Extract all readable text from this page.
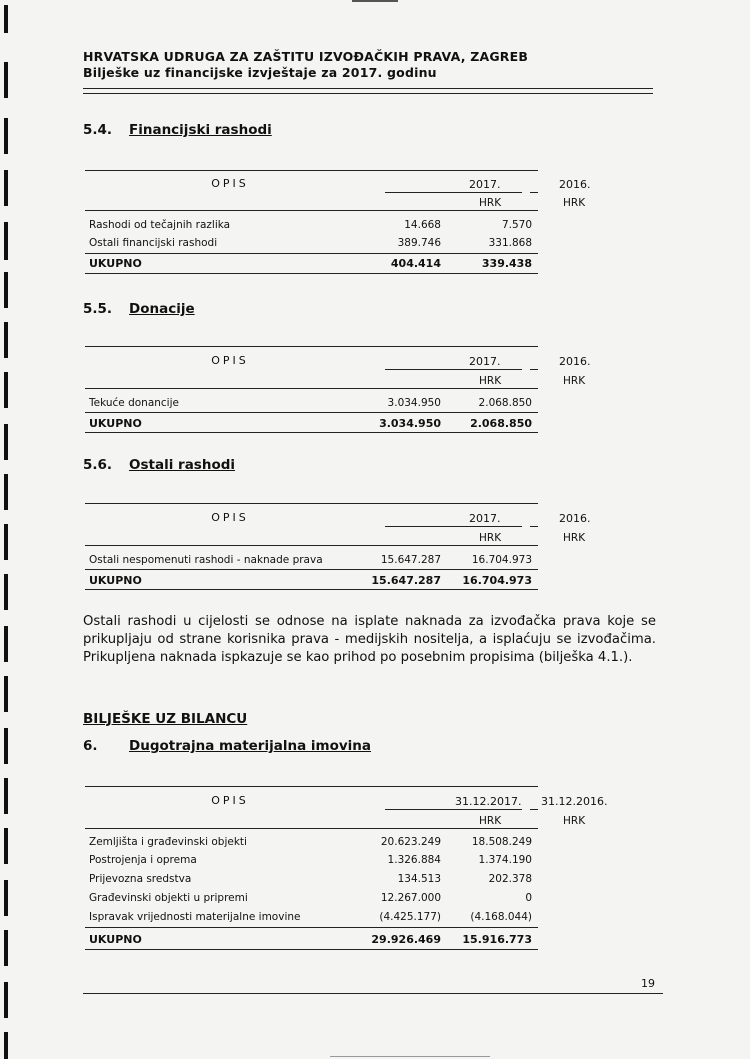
HRVATSKA UDRUGA ZA ZAŠTITU IZVOĐAČKIH PRAVA, ZAGREB
Bilješke uz financijske izvještaje za 2017. godinu
5.4. Financijski rashodi
OPIS	2017.	2016.
HRK	HRK
Rashodi od tečajnih razlika	14.668	7.570
Ostali financijski rashodi	389.746	331.868
UKUPNO	404.414	339.438
5.5. Donacije
OPIS	2017.	2016.
HRK	HRK
Tekuće donancije	3.034.950	2.068.850
UKUPNO	3.034.950	2.068.850
5.6. Ostali rashodi
OPIS	2017.	2016.
HRK	HRK
Ostali nespomenuti rashodi - naknade prava	15.647.287	16.704.973
UKUPNO	15.647.287 16.704.973
Ostali rashodi u cijelosti se odnose na isplate naknada za izvođačka prava koje se prikupljaju od strane korisnika prava - medijskih nositelja, a isplaćuju se izvođačima. Prikupljena naknada ispkazuje se kao prihod po posebnim propisima (bilješka 4.1.).
BILJEŠKE UZ BILANCU
6. Dugotrajna materijalna imovina
OPIS	31.12.2017. 31.12.2016.
HRK	HRK
Zemljišta i građevinski objekti	20.623.249	18.508.249
Postrojenja i oprema	1.326.884	1.374.190
Prijevozna sredstva	134.513	202.378
Građevinski objekti u pripremi	12.267.000	0
Ispravak vrijednosti materijalne imovine	(4.425.177)	(4.168.044)
UKUPNO	29.926.469 15.916.773
19
